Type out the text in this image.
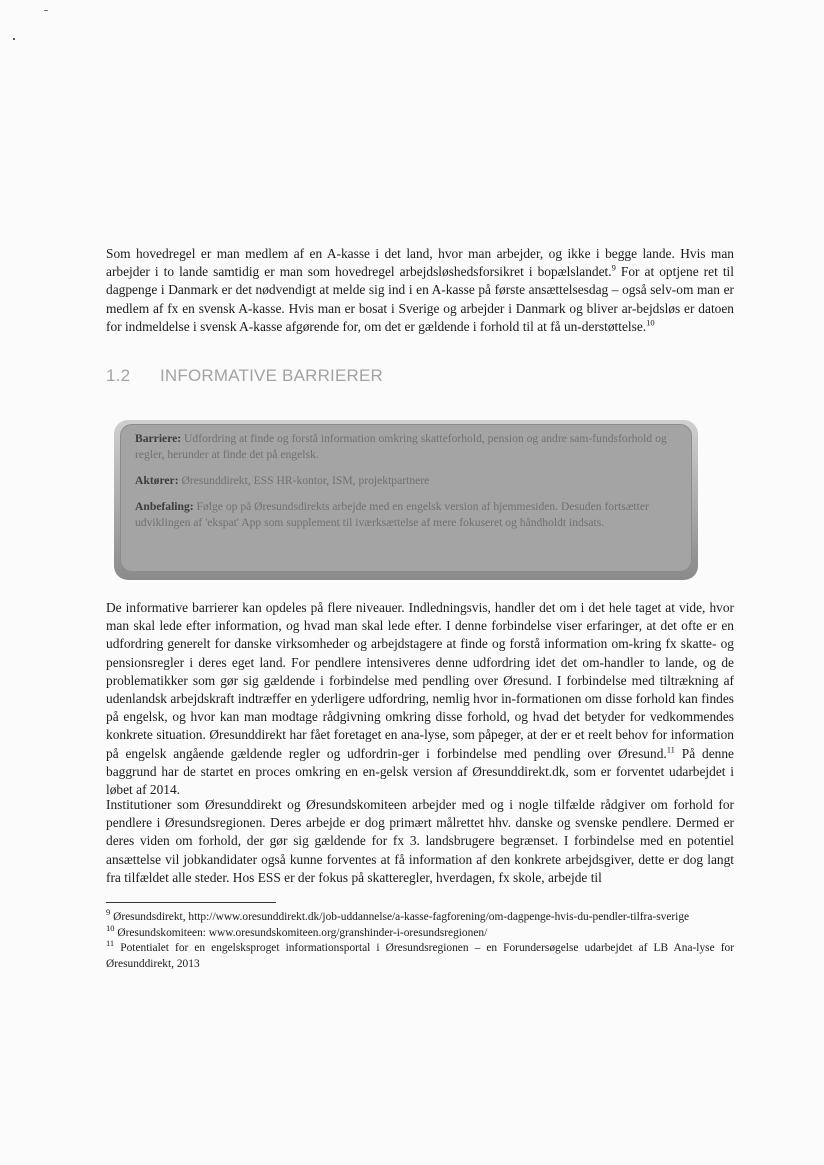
Som hovedregel er man medlem af en A-kasse i det land, hvor man arbejder, og ikke i begge lande. Hvis man arbejder i to lande samtidig er man som hovedregel arbejdsløshedsforsikret i bopælslandet.$^9$ For at optjene ret til dagpenge i Danmark er det nødvendigt at melde sig ind i en A-kasse på første ansættelsesdag – også selv-om man er medlem af fx en svensk A-kasse. Hvis man er bosat i Sverige og arbejder i Danmark og bliver ar-bejdsløs er datoen for indmeldelse i svensk A-kasse afgørende for, om det er gældende i forhold til at få un-derstøttelse.$^{10}$

1.2 INFORMATIVE BARRIERER

Barriere: Udfordring at finde og forstå information omkring skatteforhold, pension og andre sam-fundsforhold og regler, herunder at finde det på engelsk.

Aktører: Øresunddirekt, ESS HR-kontor, ISM, projektpartnere

Anbefaling: Følge op på Øresundsdirekts arbejde med en engelsk version af hjemmesiden. Desuden fortsætter udviklingen af 'ekspat' App som supplement til iværksættelse af mere fokuseret og håndholdt indsats.

De informative barrierer kan opdeles på flere niveauer. Indledningsvis, handler det om i det hele taget at vide, hvor man skal lede efter information, og hvad man skal lede efter. I denne forbindelse viser erfaringer, at det ofte er en udfordring generelt for danske virksomheder og arbejdstagere at finde og forstå information om-kring fx skatte- og pensionsregler i deres eget land. For pendlere intensiveres denne udfordring idet det om-handler to lande, og de problematikker som gør sig gældende i forbindelse med pendling over Øresund. I forbindelse med tiltrækning af udenlandsk arbejdskraft indtræffer en yderligere udfordring, nemlig hvor in-formationen om disse forhold kan findes på engelsk, og hvor kan man modtage rådgivning omkring disse forhold, og hvad det betyder for vedkommendes konkrete situation. Øresunddirekt har fået foretaget en ana-lyse, som påpeger, at der er et reelt behov for information på engelsk angående gældende regler og udfordrin-ger i forbindelse med pendling over Øresund.$^{11}$ På denne baggrund har de startet en proces omkring en en-gelsk version af Øresunddirekt.dk, som er forventet udarbejdet i løbet af 2014.

Institutioner som Øresunddirekt og Øresundskomiteen arbejder med og i nogle tilfælde rådgiver om forhold for pendlere i Øresundsregionen. Deres arbejde er dog primært målrettet hhv. danske og svenske pendlere. Dermed er deres viden om forhold, der gør sig gældende for fx 3. landsbrugere begrænset. I forbindelse med en potentiel ansættelse vil jobkandidater også kunne forventes at få information af den konkrete arbejdsgiver, dette er dog langt fra tilfældet alle steder. Hos ESS er der fokus på skatteregler, hverdagen, fx skole, arbejde til

$^9$ Øresundsdirekt, http://www.oresunddirekt.dk/job-uddannelse/a-kasse-fagforening/om-dagpenge-hvis-du-pendler-tilfra-sverige

$^{10}$ Øresundskomiteen: www.oresundskomiteen.org/granshinder-i-oresundsregionen/

$^{11}$ Potentialet for en engelsksproget informationsportal i Øresundsregionen – en Forundersøgelse udarbejdet af LB Ana-lyse for Øresunddirekt, 2013
